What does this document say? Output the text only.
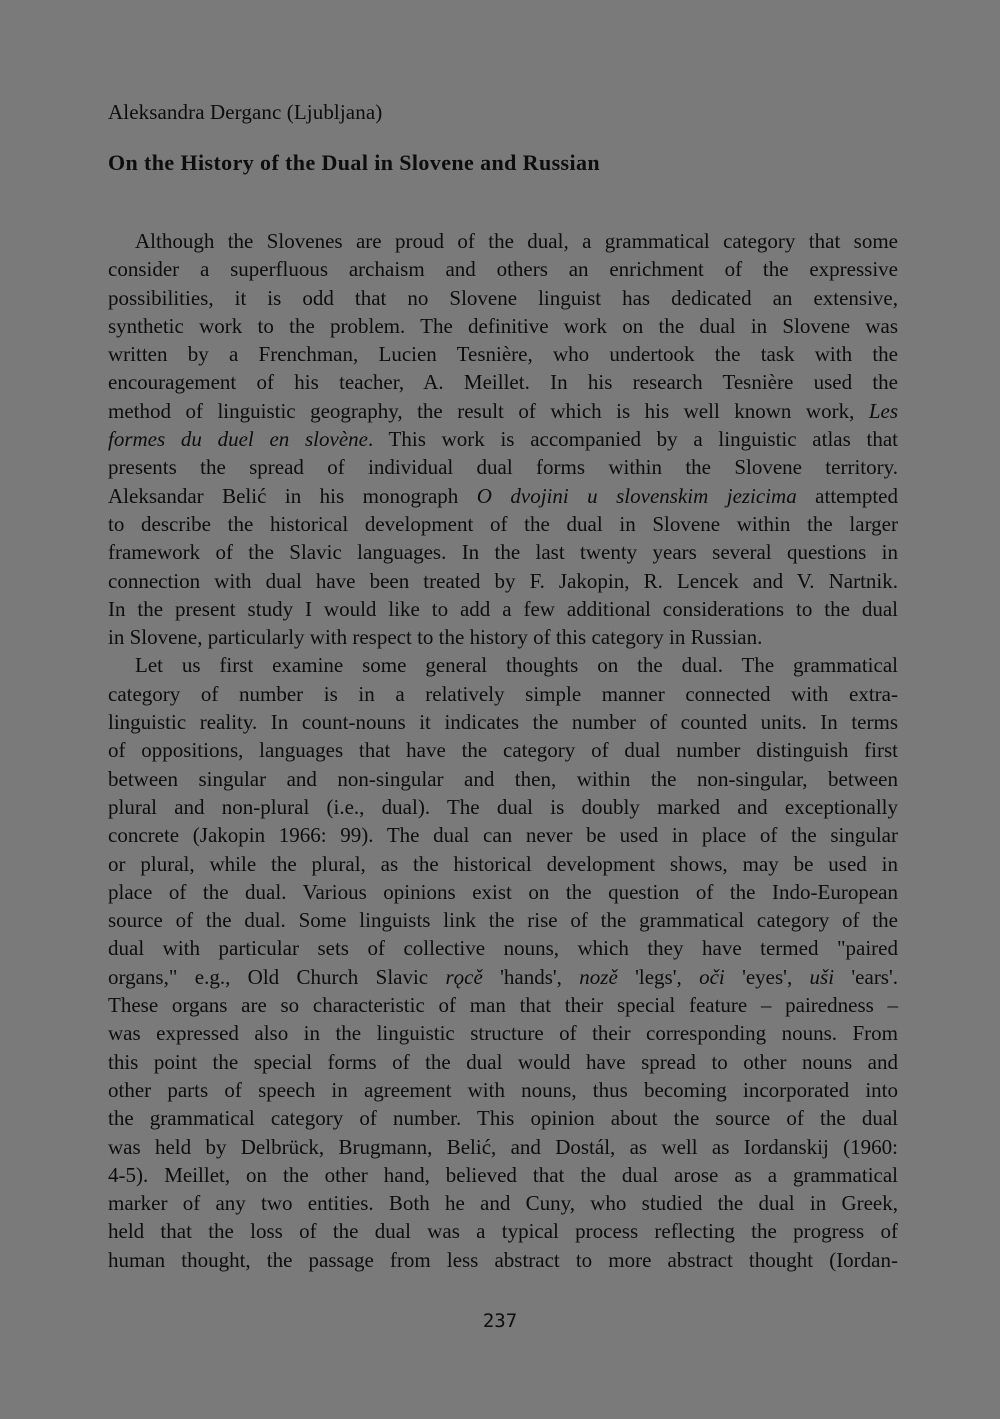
Aleksandra Derganc (Ljubljana)
On the History of the Dual in Slovene and Russian
Although the Slovenes are proud of the dual, a grammatical category that some
consider a superfluous archaism and others an enrichment of the expressive
possibilities, it is odd that no Slovene linguist has dedicated an extensive,
synthetic work to the problem. The definitive work on the dual in Slovene was
written by a Frenchman, Lucien Tesnière, who undertook the task with the
encouragement of his teacher, A. Meillet. In his research Tesnière used the
method of linguistic geography, the result of which is his well known work, Les
formes du duel en slovène. This work is accompanied by a linguistic atlas that
presents the spread of individual dual forms within the Slovene territory.
Aleksandar Belić in his monograph O dvojini u slovenskim jezicima attempted
to describe the historical development of the dual in Slovene within the larger
framework of the Slavic languages. In the last twenty years several questions in
connection with dual have been treated by F. Jakopin, R. Lencek and V. Nartnik.
In the present study I would like to add a few additional considerations to the dual
in Slovene, particularly with respect to the history of this category in Russian.
Let us first examine some general thoughts on the dual. The grammatical
category of number is in a relatively simple manner connected with extra-
linguistic reality. In count-nouns it indicates the number of counted units. In terms
of oppositions, languages that have the category of dual number distinguish first
between singular and non-singular and then, within the non-singular, between
plural and non-plural (i.e., dual). The dual is doubly marked and exceptionally
concrete (Jakopin 1966: 99). The dual can never be used in place of the singular
or plural, while the plural, as the historical development shows, may be used in
place of the dual. Various opinions exist on the question of the Indo-European
source of the dual. Some linguists link the rise of the grammatical category of the
dual with particular sets of collective nouns, which they have termed "paired
organs," e.g., Old Church Slavic rǫcě 'hands', nozě 'legs', oči 'eyes', uši 'ears'.
These organs are so characteristic of man that their special feature – pairedness –
was expressed also in the linguistic structure of their corresponding nouns. From
this point the special forms of the dual would have spread to other nouns and
other parts of speech in agreement with nouns, thus becoming incorporated into
the grammatical category of number. This opinion about the source of the dual
was held by Delbrück, Brugmann, Belić, and Dostál, as well as Iordanskij (1960:
4-5). Meillet, on the other hand, believed that the dual arose as a grammatical
marker of any two entities. Both he and Cuny, who studied the dual in Greek,
held that the loss of the dual was a typical process reflecting the progress of
human thought, the passage from less abstract to more abstract thought (Iordan-
237
